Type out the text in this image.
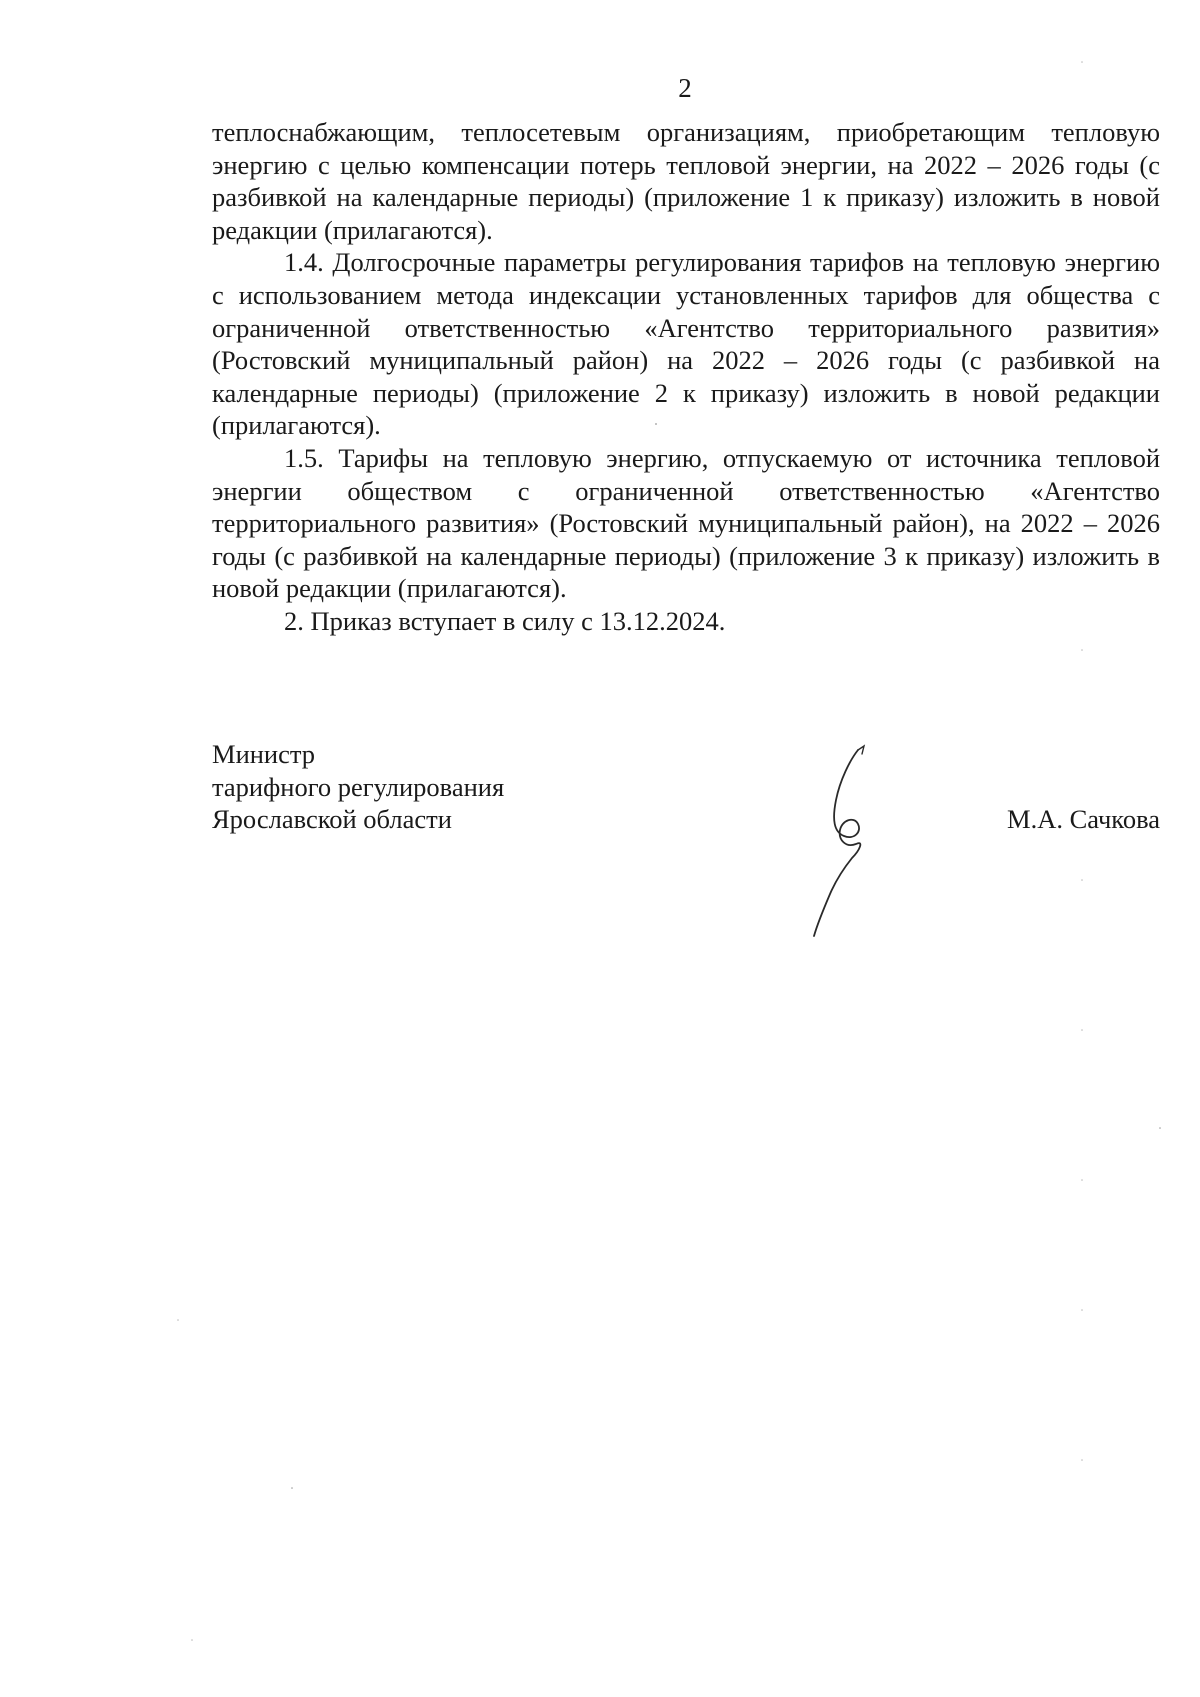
2

теплоснабжающим, теплосетевым организациям, приобретающим тепловую энергию с целью компенсации потерь тепловой энергии, на 2022 – 2026 годы (с разбивкой на календарные периоды) (приложение 1 к приказу) изложить в новой редакции (прилагаются).

1.4. Долгосрочные параметры регулирования тарифов на тепловую энергию с использованием метода индексации установленных тарифов для общества с ограниченной ответственностью «Агентство территориального развития» (Ростовский муниципальный район) на 2022 – 2026 годы (с разбивкой на календарные периоды) (приложение 2 к приказу) изложить в новой редакции (прилагаются).

1.5. Тарифы на тепловую энергию, отпускаемую от источника тепловой энергии обществом с ограниченной ответственностью «Агентство территориального развития» (Ростовский муниципальный район), на 2022 – 2026 годы (с разбивкой на календарные периоды) (приложение 3 к приказу) изложить в новой редакции (прилагаются).

2. Приказ вступает в силу с 13.12.2024.

Министр
тарифного регулирования
Ярославской области	М.А. Сачкова
